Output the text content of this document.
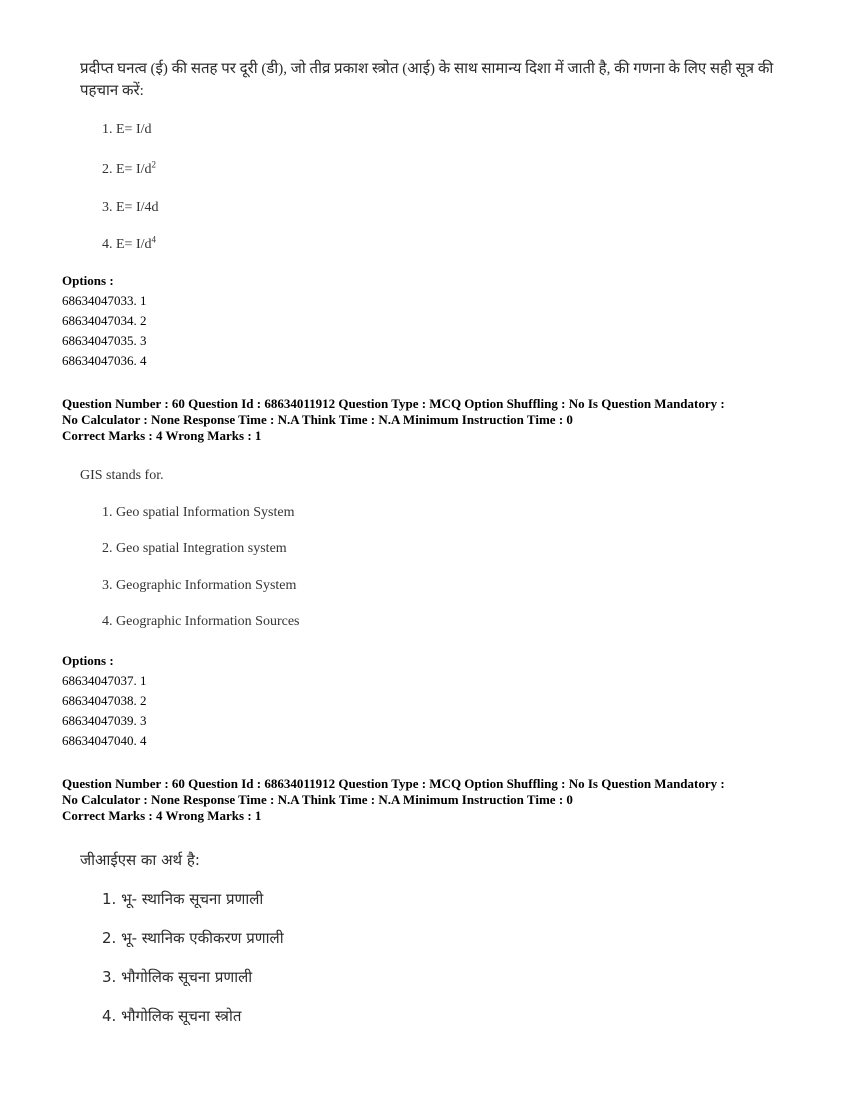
प्रदीप्त घनत्व (ई) की सतह पर दूरी (डी), जो तीव्र प्रकाश स्त्रोत (आई) के साथ सामान्य दिशा में जाती है, की गणना के लिए सही सूत्र की पहचान करें:
1. E= I/d
2. $E= I/d^2$
3. E= I/4d
4. $E= I/d^4$
Options :
68634047033. 1
68634047034. 2
68634047035. 3
68634047036. 4
Question Number : 60 Question Id : 68634011912 Question Type : MCQ Option Shuffling : No Is Question Mandatory :
No Calculator : None Response Time : N.A Think Time : N.A Minimum Instruction Time : 0
Correct Marks : 4 Wrong Marks : 1
GIS stands for.
1. Geo spatial Information System
2. Geo spatial Integration system
3. Geographic Information System
4. Geographic Information Sources
Options :
68634047037. 1
68634047038. 2
68634047039. 3
68634047040. 4
Question Number : 60 Question Id : 68634011912 Question Type : MCQ Option Shuffling : No Is Question Mandatory :
No Calculator : None Response Time : N.A Think Time : N.A Minimum Instruction Time : 0
Correct Marks : 4 Wrong Marks : 1
जीआईएस का अर्थ है:
1. भू- स्थानिक सूचना प्रणाली
2. भू- स्थानिक एकीकरण प्रणाली
3. भौगोलिक सूचना प्रणाली
4. भौगोलिक सूचना स्त्रोत
